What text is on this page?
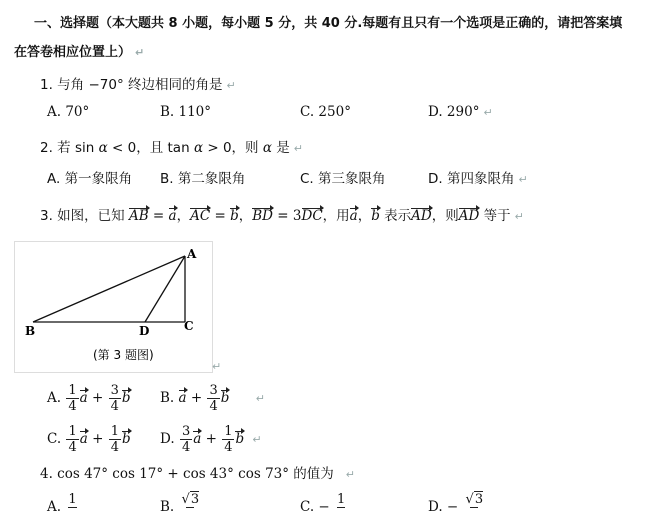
一、选择题（本大题共 8 小题，每小题 5 分，共 40 分.每题有且只有一个选项是正确的，请把答案填
在答卷相应位置上） ↵
1. 与角 −70° 终边相同的角是 ↵
A. 70°	B. 110°	C. 250°	D. 290° ↵
2. 若 sin α < 0，且 tan α > 0，则 α 是 ↵
A. 第一象限角 B. 第二象限角	C. 第三象限角	D. 第四象限角 ↵
3. 如图，已知 AB = a，AC = b，BD = 3DC，用a，b 表示AD，则AD 等于 ↵
A
B	C
D
(第 3 题图)
↵
A. $\frac{1}{4}$ $a + \frac{3}{4}$ b B. $a + \frac{3}{4}$ b ↵
C. $\frac{1}{4}$ $a + \frac{1}{4}$ b D. $\frac{3}{4}$ $a + \frac{1}{4}$ b ↵
4. cos 47° cos 17° + cos 43° cos 73° 的值为 ↵
A. 1
	B. √3
	C. − 1
	D. − √3
